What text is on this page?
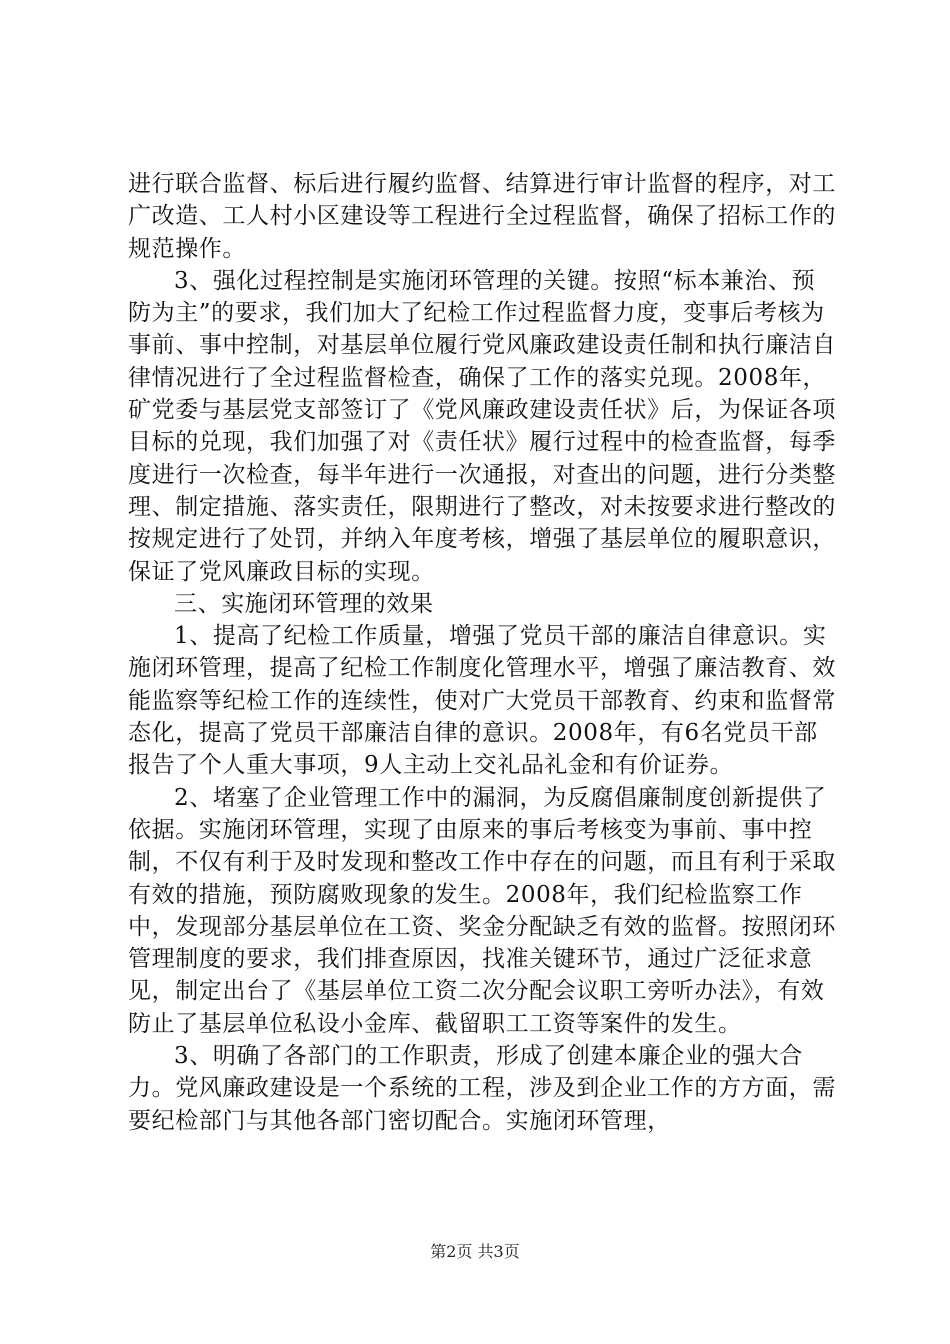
进行联合监督、标后进行履约监督、结算进行审计监督的程序，对工广改造、工人村小区建设等工程进行全过程监督，确保了招标工作的规范操作。

3、强化过程控制是实施闭环管理的关键。按照“标本兼治、预防为主”的要求，我们加大了纪检工作过程监督力度，变事后考核为事前、事中控制，对基层单位履行党风廉政建设责任制和执行廉洁自律情况进行了全过程监督检查，确保了工作的落实兑现。2008年，矿党委与基层党支部签订了《党风廉政建设责任状》后，为保证各项目标的兑现，我们加强了对《责任状》履行过程中的检查监督，每季度进行一次检查，每半年进行一次通报，对查出的问题，进行分类整理、制定措施、落实责任，限期进行了整改，对未按要求进行整改的按规定进行了处罚，并纳入年度考核，增强了基层单位的履职意识，保证了党风廉政目标的实现。

三、实施闭环管理的效果

1、提高了纪检工作质量，增强了党员干部的廉洁自律意识。实施闭环管理，提高了纪检工作制度化管理水平，增强了廉洁教育、效能监察等纪检工作的连续性，使对广大党员干部教育、约束和监督常态化，提高了党员干部廉洁自律的意识。2008年，有6名党员干部报告了个人重大事项，9人主动上交礼品礼金和有价证券。

2、堵塞了企业管理工作中的漏洞，为反腐倡廉制度创新提供了依据。实施闭环管理，实现了由原来的事后考核变为事前、事中控制，不仅有利于及时发现和整改工作中存在的问题，而且有利于采取有效的措施，预防腐败现象的发生。2008年，我们纪检监察工作中，发现部分基层单位在工资、奖金分配缺乏有效的监督。按照闭环管理制度的要求，我们排查原因，找准关键环节，通过广泛征求意见，制定出台了《基层单位工资二次分配会议职工旁听办法》，有效防止了基层单位私设小金库、截留职工工资等案件的发生。

3、明确了各部门的工作职责，形成了创建本廉企业的强大合力。党风廉政建设是一个系统的工程，涉及到企业工作的方方面，需要纪检部门与其他各部门密切配合。实施闭环管理，

第2页 共3页
